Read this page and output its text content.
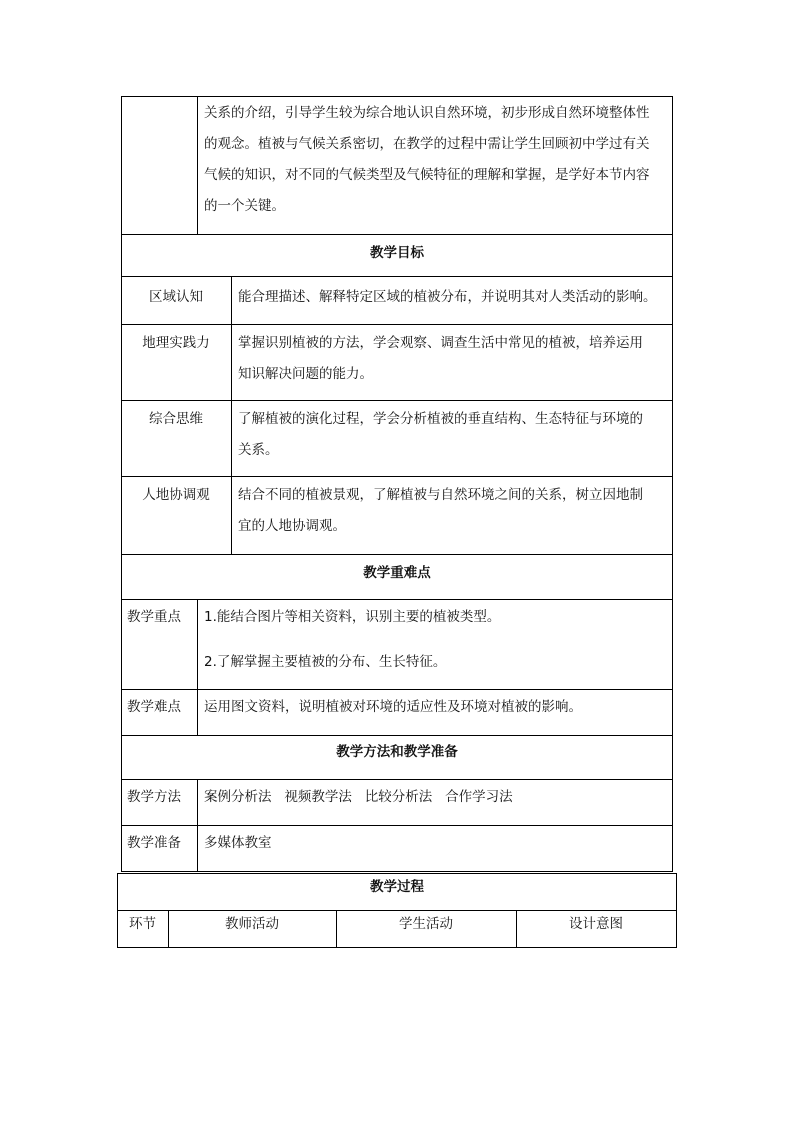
关系的介绍，引导学生较为综合地认识自然环境，初步形成自然环境整体性
的观念。植被与气候关系密切，在教学的过程中需让学生回顾初中学过有关
气候的知识，对不同的气候类型及气候特征的理解和掌握，是学好本节内容
的一个关键。
教学目标
区域认知	能合理描述、解释特定区域的植被分布，并说明其对人类活动的影响。
地理实践力	掌握识别植被的方法，学会观察、调查生活中常见的植被，培养运用
知识解决问题的能力。
综合思维	了解植被的演化过程，学会分析植被的垂直结构、生态特征与环境的
关系。
人地协调观	结合不同的植被景观，了解植被与自然环境之间的关系，树立因地制
宜的人地协调观。
教学重难点
教学重点 1.能结合图片等相关资料，识别主要的植被类型。
2.了解掌握主要植被的分布、生长特征。
教学难点 运用图文资料，说明植被对环境的适应性及环境对植被的影响。
教学方法和教学准备
教学方法 案例分析法   视频教学法   比较分析法   合作学习法
教学准备 多媒体教室
教学过程
环节	教师活动	学生活动	设计意图
